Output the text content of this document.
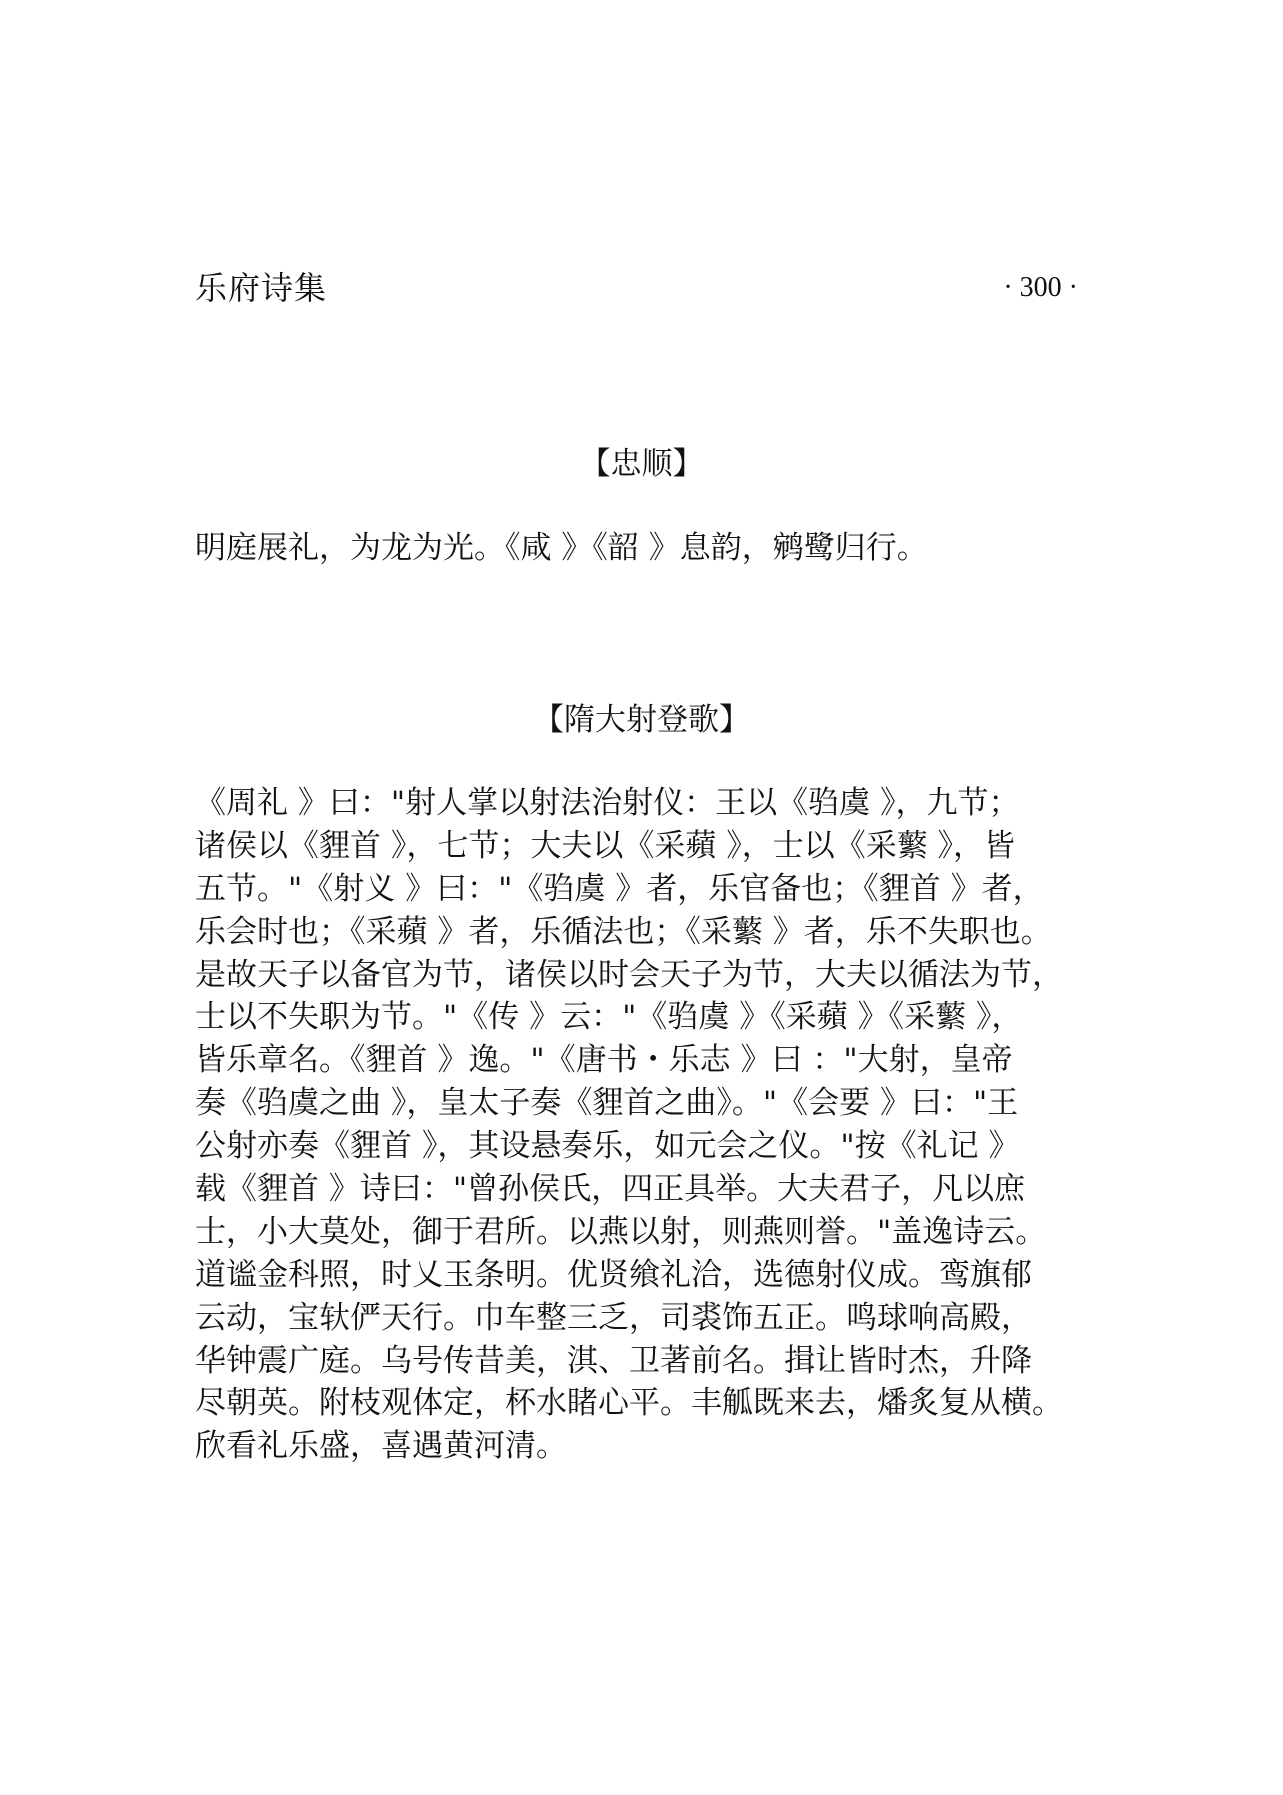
乐府诗集	· 300 ·
【忠顺】
明庭展礼，为龙为光。《咸 》《韶 》息韵，鹓鹭归行。
【隋大射登歌】
《周礼 》曰："射人掌以射法治射仪：王以《驺虞 》，九节；
诸侯以《貍首 》，七节；大夫以《采蘋 》，士以《采蘩 》，皆
五节。"《射义 》曰："《驺虞 》者，乐官备也；《貍首 》者，
乐会时也；《采蘋 》者，乐循法也；《采蘩 》者，乐不失职也。
是故天子以备官为节，诸侯以时会天子为节，大夫以循法为节，
士以不失职为节。"《传 》云："《驺虞 》《采蘋 》《采蘩 》，
皆乐章名。《貍首 》逸。"《唐书・乐志 》曰 ："大射，皇帝
奏《驺虞之曲 》，皇太子奏《貍首之曲》。"《会要 》曰："王
公射亦奏《貍首 》，其设悬奏乐，如元会之仪。"按《礼记 》
载《貍首 》诗曰："曾孙侯氏，四正具举。大夫君子，凡以庶
士，小大莫处，御于君所。以燕以射，则燕则誉。"盖逸诗云。
道谧金科照，时乂玉条明。优贤飨礼洽，选德射仪成。鸾旗郁
云动，宝轪俨天行。巾车整三乏，司裘饰五正。鸣球响高殿，
华钟震广庭。乌号传昔美，淇、卫著前名。揖让皆时杰，升降
尽朝英。附枝观体定，杯水睹心平。丰觚既来去，燔炙复从横。
欣看礼乐盛，喜遇黄河清。
